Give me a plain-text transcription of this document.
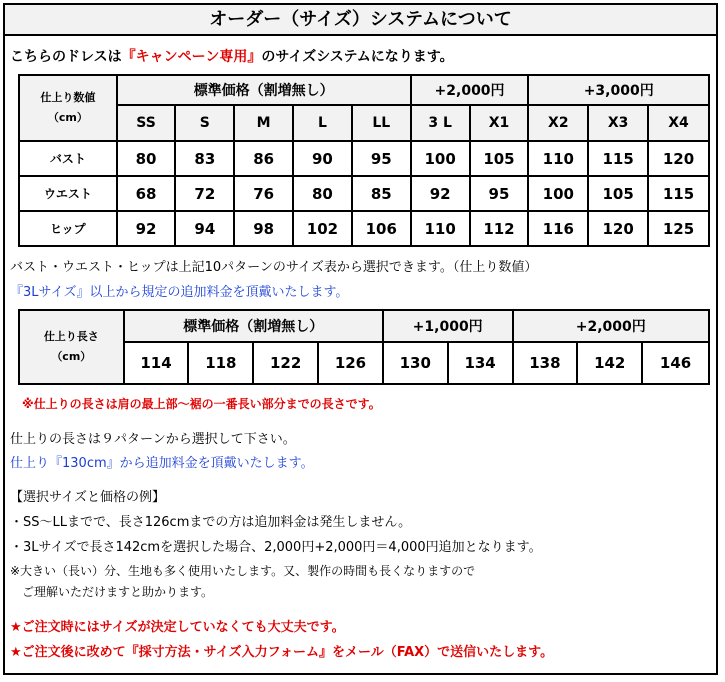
オーダー（サイズ）システムについて
こちらのドレスは『キャンペーン専用』のサイズシステムになります。
仕上り数値
（cm）	標準価格（割増無し）					+2,000円		+3,000円		
	SS	S	M	L	LL	3 L	X1	X2	X3	X4
バスト	80	83	86	90	95	100	105	110	115	120
ウエスト	68	72	76	80	85	92	95	100	105	115
ヒップ	92	94	98	102	106	110	112	116	120	125
バスト・ウエスト・ヒップは上記10パターンのサイズ表から選択できます。（仕上り数値）
『3Lサイズ』以上から規定の追加料金を頂戴いたします。
仕上り長さ
（cm）	標準価格（割増無し）				+1,000円		+2,000円		
	114	118	122	126	130	134	138	142	146
※仕上りの長さは肩の最上部〜裾の一番長い部分までの長さです。
仕上りの長さは９パターンから選択して下さい。
仕上り『130cm』から追加料金を頂戴いたします。
【選択サイズと価格の例】
・SS〜LLまでで、長さ126cmまでの方は追加料金は発生しません。
・3Lサイズで長さ142cmを選択した場合、2,000円+2,000円＝4,000円追加となります。
※大きい（長い）分、生地も多く使用いたします。又、製作の時間も長くなりますので
ご理解いただけますと助かります。
★ご注文時にはサイズが決定していなくても大丈夫です。
★ご注文後に改めて『採寸方法・サイズ入力フォーム』をメール（FAX）で送信いたします。
